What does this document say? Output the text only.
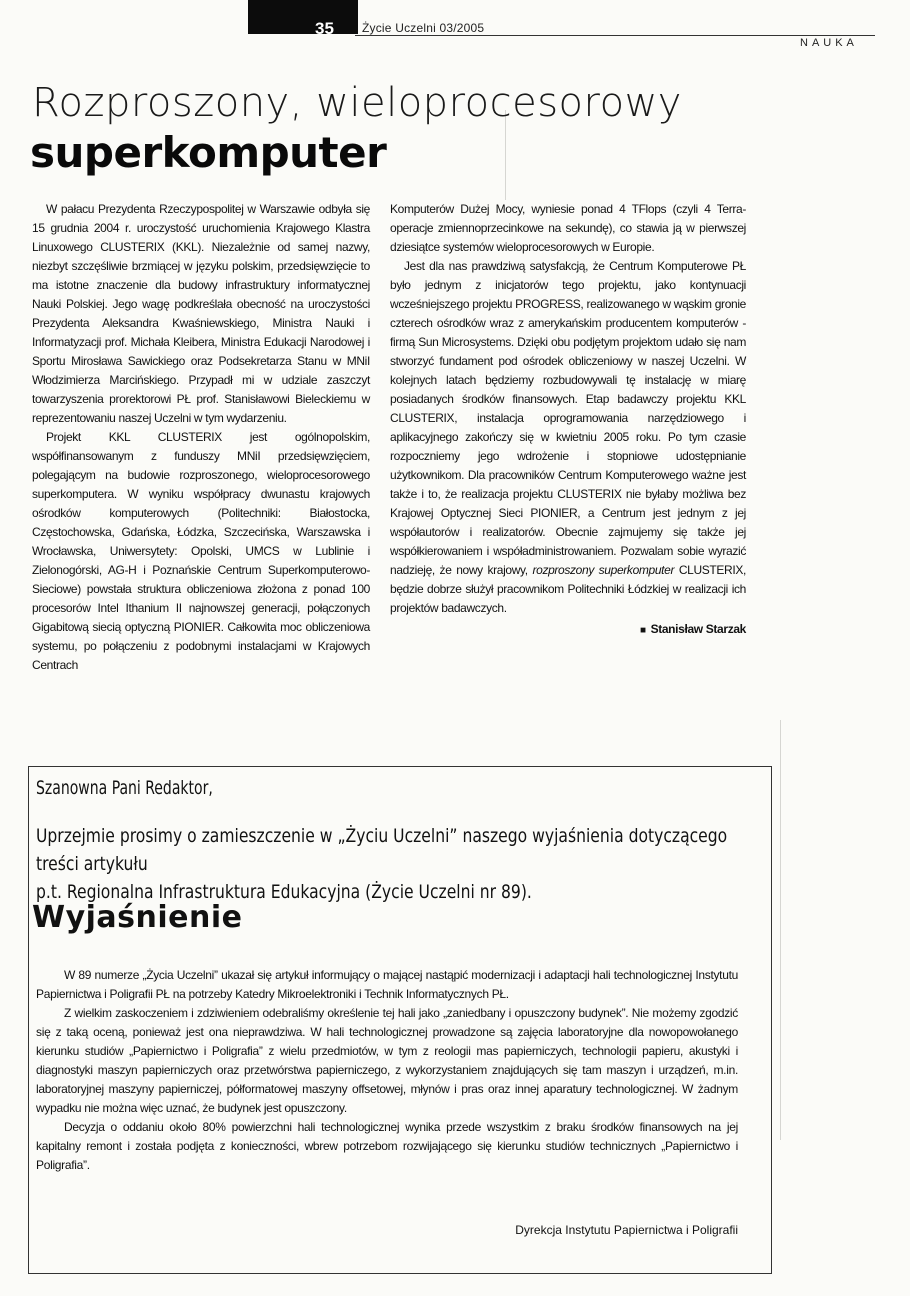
35 Życie Uczelni 03/2005
NAUKA
Rozproszony, wieloprocesorowy
superkomputer

W pałacu Prezydenta Rzeczypospolitej w Warszawie odbyła się 15 grudnia 2004 r. uroczystość uruchomienia Krajowego Klastra Linuxowego CLUSTERIX (KKL). Niezależnie od samej nazwy, niezbyt szczęśliwie brzmiącej w języku polskim, przedsięwzięcie to ma istotne znaczenie dla budowy infrastruktury informatycznej Nauki Polskiej. Jego wagę podkreślała obecność na uroczystości Prezydenta Aleksandra Kwaśniewskiego, Ministra Nauki i Informatyzacji prof. Michała Kleibera, Ministra Edukacji Narodowej i Sportu Mirosława Sawickiego oraz Podsekretarza Stanu w MNiI Włodzimierza Marcińskiego. Przypadł mi w udziale zaszczyt towarzyszenia prorektorowi PŁ prof. Stanisławowi Bieleckiemu w reprezentowaniu naszej Uczelni w tym wydarzeniu.

Projekt KKL CLUSTERIX jest ogólnopolskim, współfinansowanym z funduszy MNiI przedsięwzięciem, polegającym na budowie rozproszonego, wieloprocesorowego superkomputera. W wyniku współpracy dwunastu krajowych ośrodków komputerowych (Politechniki: Białostocka, Częstochowska, Gdańska, Łódzka, Szczecińska, Warszawska i Wrocławska, Uniwersytety: Opolski, UMCS w Lublinie i Zielonogórski, AG-H i Poznańskie Centrum Superkomputerowo-Sieciowe) powstała struktura obliczeniowa złożona z ponad 100 procesorów Intel Ithanium II najnowszej generacji, połączonych Gigabitową siecią optyczną PIONIER. Całkowita moc obliczeniowa systemu, po połączeniu z podobnymi instalacjami w Krajowych Centrach

Komputerów Dużej Mocy, wyniesie ponad 4 TFlops (czyli 4 Terra-operacje zmiennoprzecinkowe na sekundę), co stawia ją w pierwszej dziesiątce systemów wieloprocesorowych w Europie.

Jest dla nas prawdziwą satysfakcją, że Centrum Komputerowe PŁ było jednym z inicjatorów tego projektu, jako kontynuacji wcześniejszego projektu PROGRESS, realizowanego w wąskim gronie czterech ośrodków wraz z amerykańskim producentem komputerów - firmą Sun Microsystems. Dzięki obu podjętym projektom udało się nam stworzyć fundament pod ośrodek obliczeniowy w naszej Uczelni. W kolejnych latach będziemy rozbudowywali tę instalację w miarę posiadanych środków finansowych. Etap badawczy projektu KKL CLUSTERIX, instalacja oprogramowania narzędziowego i aplikacyjnego zakończy się w kwietniu 2005 roku. Po tym czasie rozpoczniemy jego wdrożenie i stopniowe udostępnianie użytkownikom. Dla pracowników Centrum Komputerowego ważne jest także i to, że realizacja projektu CLUSTERIX nie byłaby możliwa bez Krajowej Optycznej Sieci PIONIER, a Centrum jest jednym z jej współautorów i realizatorów. Obecnie zajmujemy się także jej współkierowaniem i współadministrowaniem. Pozwalam sobie wyrazić nadzieję, że nowy krajowy, rozproszony superkomputer CLUSTERIX, będzie dobrze służył pracownikom Politechniki Łódzkiej w realizacji ich projektów badawczych.

■  Stanisław Starzak
Szanowna Pani Redaktor,
Uprzejmie prosimy o zamieszczenie w „Życiu Uczelni” naszego wyjaśnienia dotyczącego treści artykułu
p.t. Regionalna Infrastruktura Edukacyjna (Życie Uczelni nr 89).
Wyjaśnienie

W 89 numerze „Życia Uczelni” ukazał się artykuł informujący o mającej nastąpić modernizacji i adaptacji hali technologicznej Instytutu Papiernictwa i Poligrafii PŁ na potrzeby Katedry Mikroelektroniki i Technik Informatycznych PŁ.

Z wielkim zaskoczeniem i zdziwieniem odebraliśmy określenie tej hali jako „zaniedbany i opuszczony budynek”. Nie możemy zgodzić się z taką oceną, ponieważ jest ona nieprawdziwa. W hali technologicznej prowadzone są zajęcia laboratoryjne dla nowopowołanego kierunku studiów „Papiernictwo i Poligrafia” z wielu przedmiotów, w tym z reologii mas papierniczych, technologii papieru, akustyki i diagnostyki maszyn papierniczych oraz przetwórstwa papierniczego, z wykorzystaniem znajdujących się tam maszyn i urządzeń, m.in. laboratoryjnej maszyny papierniczej, półformatowej maszyny offsetowej, młynów i pras oraz innej aparatury technologicznej. W żadnym wypadku nie można więc uznać, że budynek jest opuszczony.

Decyzja o oddaniu około 80% powierzchni hali technologicznej wynika przede wszystkim z braku środków finansowych na jej kapitalny remont i została podjęta z konieczności, wbrew potrzebom rozwijającego się kierunku studiów technicznych „Papiernictwo i Poligrafia”.

Dyrekcja Instytutu Papiernictwa i Poligrafii
